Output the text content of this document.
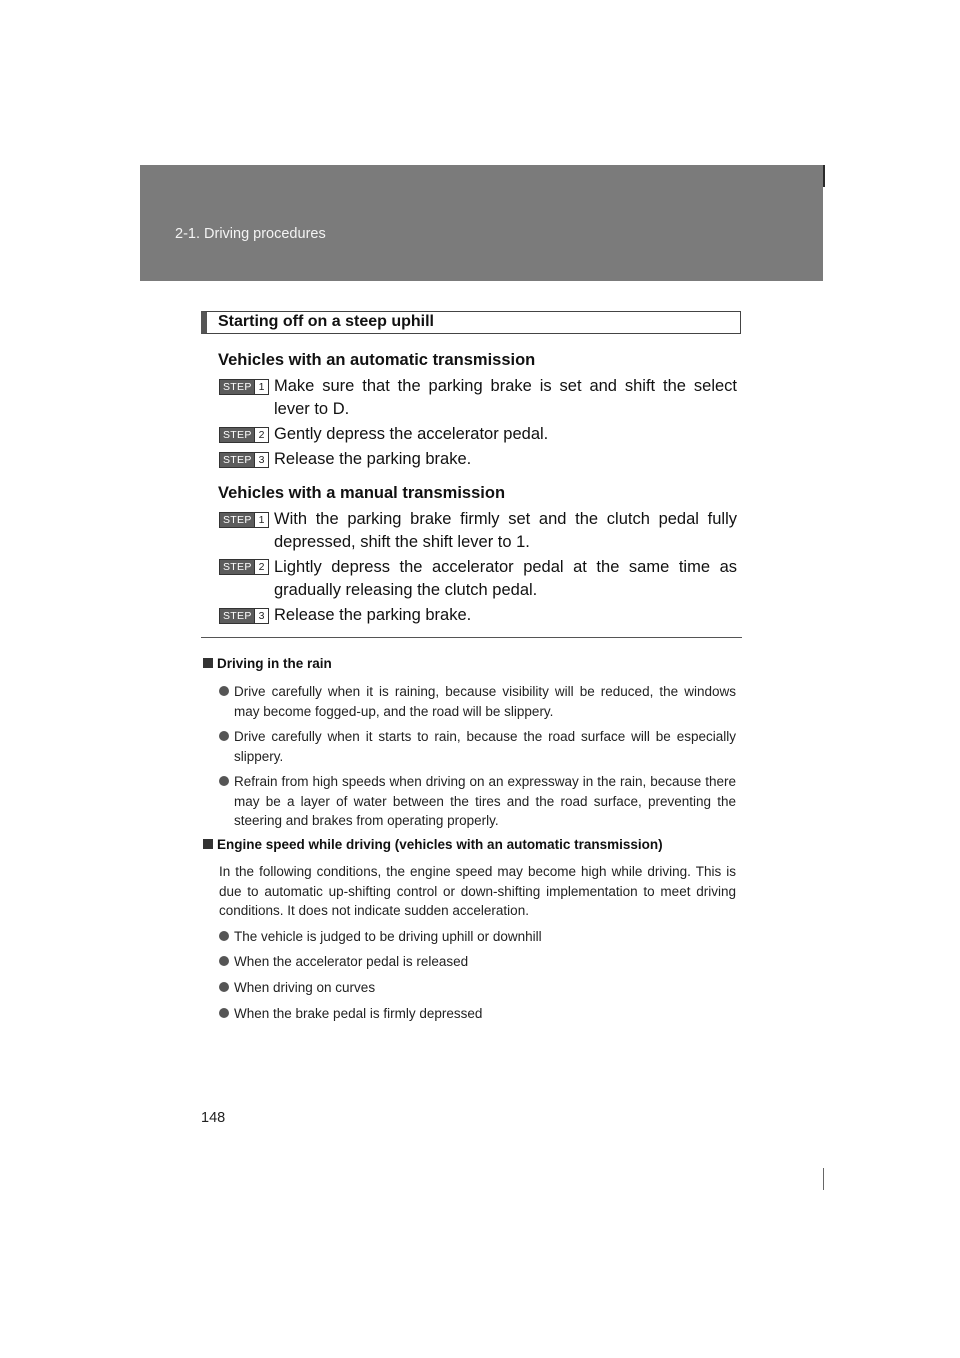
2-1. Driving procedures
Starting off on a steep uphill
Vehicles with an automatic transmission
STEP 1 Make sure that the parking brake is set and shift the select lever to D.
STEP 2 Gently depress the accelerator pedal.
STEP 3 Release the parking brake.
Vehicles with a manual transmission
STEP 1 With the parking brake firmly set and the clutch pedal fully depressed, shift the shift lever to 1.
STEP 2 Lightly depress the accelerator pedal at the same time as gradually releasing the clutch pedal.
STEP 3 Release the parking brake.
Driving in the rain
Drive carefully when it is raining, because visibility will be reduced, the windows may become fogged-up, and the road will be slippery.
Drive carefully when it starts to rain, because the road surface will be especially slippery.
Refrain from high speeds when driving on an expressway in the rain, because there may be a layer of water between the tires and the road surface, preventing the steering and brakes from operating properly.
Engine speed while driving (vehicles with an automatic transmission)
In the following conditions, the engine speed may become high while driving. This is due to automatic up-shifting control or down-shifting implementation to meet driving conditions. It does not indicate sudden acceleration.
The vehicle is judged to be driving uphill or downhill
When the accelerator pedal is released
When driving on curves
When the brake pedal is firmly depressed
148
